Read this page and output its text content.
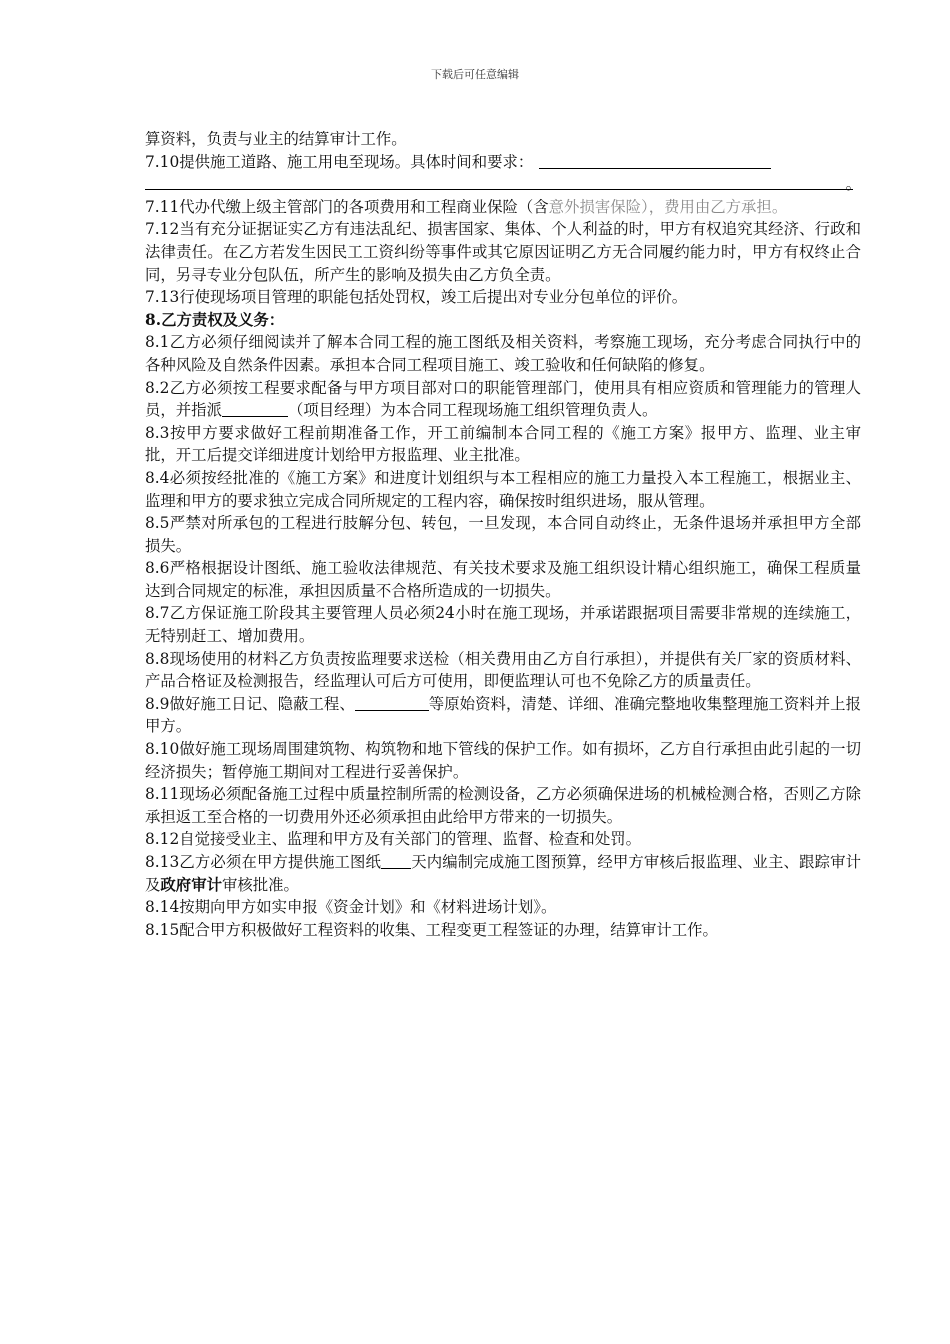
下载后可任意编辑

算资料，负责与业主的结算审计工作。

7.10提供施工道路、施工用电至现场。具体时间和要求：

。

7.11代办代缴上级主管部门的各项费用和工程商业保险（含意外损害保险），费用由乙方承担。

7.12当有充分证据证实乙方有违法乱纪、损害国家、集体、个人利益的时，甲方有权追究其经济、行政和法律责任。在乙方若发生因民工工资纠纷等事件或其它原因证明乙方无合同履约能力时，甲方有权终止合同，另寻专业分包队伍，所产生的影响及损失由乙方负全责。

7.13行使现场项目管理的职能包括处罚权，竣工后提出对专业分包单位的评价。

8.乙方责权及义务：

8.1乙方必须仔细阅读并了解本合同工程的施工图纸及相关资料，考察施工现场，充分考虑合同执行中的各种风险及自然条件因素。承担本合同工程项目施工、竣工验收和任何缺陷的修复。

8.2乙方必须按工程要求配备与甲方项目部对口的职能管理部门，使用具有相应资质和管理能力的管理人员，并指派	（项目经理）为本合同工程现场施工组织管理负责人。

8.3按甲方要求做好工程前期准备工作，开工前编制本合同工程的《施工方案》报甲方、监理、业主审批，开工后提交详细进度计划给甲方报监理、业主批准。

8.4必须按经批准的《施工方案》和进度计划组织与本工程相应的施工力量投入本工程施工，根据业主、监理和甲方的要求独立完成合同所规定的工程内容，确保按时组织进场，服从管理。

8.5严禁对所承包的工程进行肢解分包、转包，一旦发现，本合同自动终止，无条件退场并承担甲方全部损失。

8.6严格根据设计图纸、施工验收法律规范、有关技术要求及施工组织设计精心组织施工，确保工程质量达到合同规定的标准，承担因质量不合格所造成的一切损失。

8.7乙方保证施工阶段其主要管理人员必须24小时在施工现场，并承诺跟据项目需要非常规的连续施工，无特别赶工、增加费用。

8.8现场使用的材料乙方负责按监理要求送检（相关费用由乙方自行承担），并提供有关厂家的资质材料、产品合格证及检测报告，经监理认可后方可使用，即便监理认可也不免除乙方的质量责任。

8.9做好施工日记、隐蔽工程、	等原始资料，清楚、详细、准确完整地收集整理施工资料并上报甲方。

8.10做好施工现场周围建筑物、构筑物和地下管线的保护工作。如有损坏，乙方自行承担由此引起的一切经济损失；暂停施工期间对工程进行妥善保护。

8.11现场必须配备施工过程中质量控制所需的检测设备，乙方必须确保进场的机械检测合格，否则乙方除承担返工至合格的一切费用外还必须承担由此给甲方带来的一切损失。

8.12自觉接受业主、监理和甲方及有关部门的管理、监督、检查和处罚。

8.13乙方必须在甲方提供施工图纸 天内编制完成施工图预算，经甲方审核后报监理、业主、跟踪审计及政府审计审核批准。

8.14按期向甲方如实申报《资金计划》和《材料进场计划》。

8.15配合甲方积极做好工程资料的收集、工程变更工程签证的办理，结算审计工作。
